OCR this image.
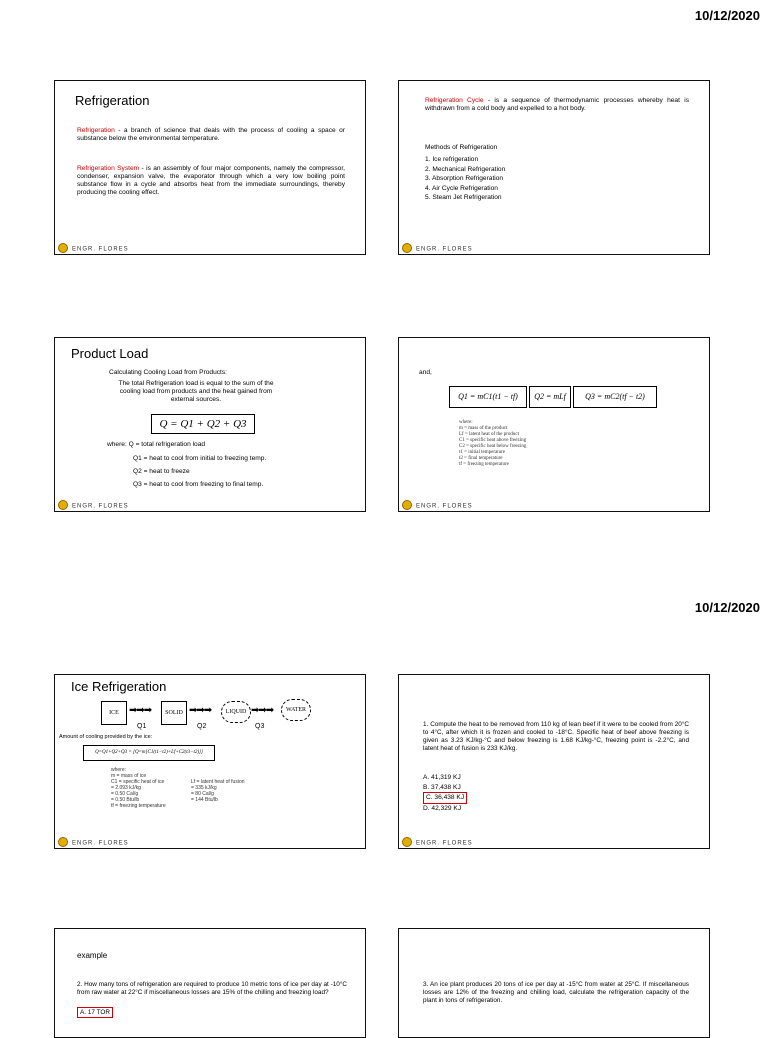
10/12/2020
10/12/2020
Refrigeration
Refrigeration - a branch of science that deals with the process of cooling a space or substance below the environmental temperature.
Refrigeration System - is an assembly of four major components, namely the compressor, condenser, expansion valve, the evaporator through which a very low boiling point substance flow in a cycle and absorbs heat from the immediate surroundings, thereby producing the cooling effect.
ENGR. FLORES
Refrigeration Cycle - is a sequence of thermodynamic processes whereby heat is withdrawn from a cold body and expelled to a hot body.
Methods of Refrigeration
1. Ice refrigeration
2. Mechanical Refrigeration
3. Absorption Refrigeration
4. Air Cycle Refrigeration
5. Steam Jet Refrigeration
ENGR. FLORES
Product Load
Calculating Cooling Load from Products:
The total Refrigeration load is equal to the sum of the cooling load from products and the heat gained from external sources.
Q = Q1 + Q2 + Q3
where: Q = total refrigeration load
Q1 = heat to cool from initial to freezing temp.
Q2 = heat to freeze
Q3 = heat to cool from freezing to final temp.
ENGR. FLORES
and,
Q1 = mC1(t1 − tf)	Q2 = mLf	Q3 = mC2(tf − t2)
where:
m = mass of the product
Lf = latent heat of the product
C1 = specific heat above freezing
C2 = specific heat below freezing
t1 = initial temperature
t2 = final temperature
tf = freezing temperature
ENGR. FLORES
Ice Refrigeration
ICE	➡➡➡	SOLID ➡➡➡	LIQUID ➡➡➡	WATER
Q1	Q2	Q3
Amount of cooling provided by the ice:
Q=Q1+Q2+Q3 = [Q=m[C1(t1−t2)+Lf+C2(t3−t2)]]
where:
m = mass of ice
C1 = specific heat of ice
= 2.093 kJ/kg
= 0.50 Cal/g
= 0.50 Btu/lb
tf = freezing temperature
Lf = latent heat of fusion
= 335 kJ/kg
= 80 Cal/g
= 144 Btu/lb
ENGR. FLORES
1. Compute the heat to be removed from 110 kg of lean beef if it were to be cooled from 20°C to 4°C, after which it is frozen and cooled to -18°C. Specific heat of beef above freezing is given as 3.23 KJ/kg-°C and below freezing is 1.68 KJ/kg-°C, freezing point is -2.2°C, and latent heat of fusion is 233 KJ/kg.
A. 41,319 KJ
B. 37,438 KJ
C. 36,438 KJ
D. 42,329 KJ
ENGR. FLORES
example
2. How many tons of refrigeration are required to produce 10 metric tons of ice per day at -10°C from raw water at 22°C if miscellaneous losses are 15% of the chilling and freezing load?
A. 17 TOR
3. An ice plant produces 20 tons of ice per day at -15°C from water at 25°C. If miscellaneous losses are 12% of the freezing and chilling load, calculate the refrigeration capacity of the plant in tons of refrigeration.
